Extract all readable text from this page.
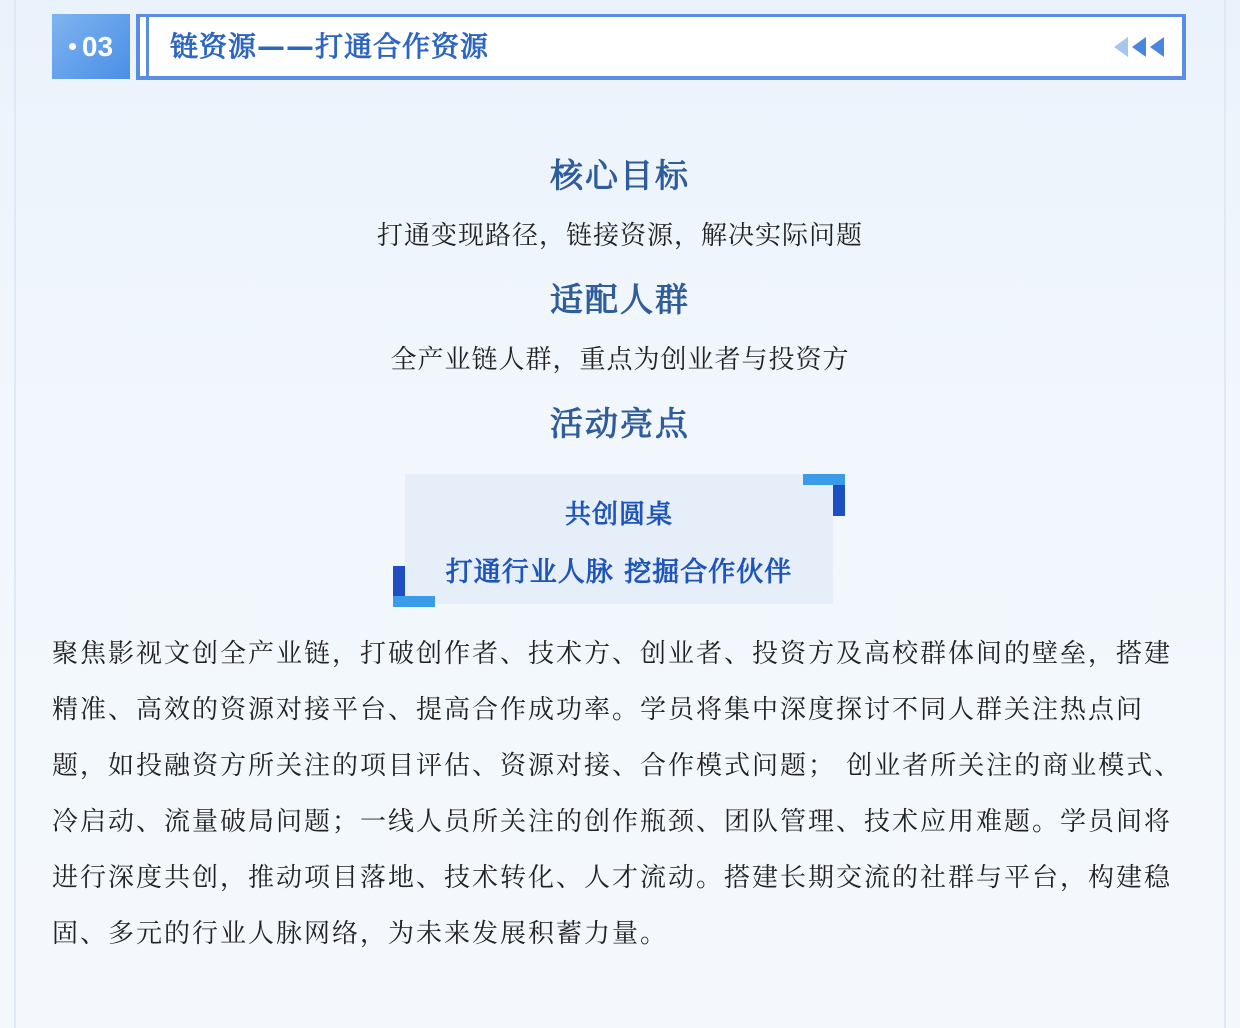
03 链资源——打通合作资源
核心目标
打通变现路径，链接资源，解决实际问题
适配人群
全产业链人群，重点为创业者与投资方
活动亮点
共创圆桌
打通行业人脉 挖掘合作伙伴

聚焦影视文创全产业链，打破创作者、技术方、创业者、投资方及高校群体间的壁垒，搭建精准、高效的资源对接平台、提高合作成功率。学员将集中深度探讨不同人群关注热点问题，如投融资方所关注的项目评估、资源对接、合作模式问题； 创业者所关注的商业模式、冷启动、流量破局问题；一线人员所关注的创作瓶颈、团队管理、技术应用难题。学员间将进行深度共创，推动项目落地、技术转化、人才流动。搭建长期交流的社群与平台，构建稳固、多元的行业人脉网络，为未来发展积蓄力量。
